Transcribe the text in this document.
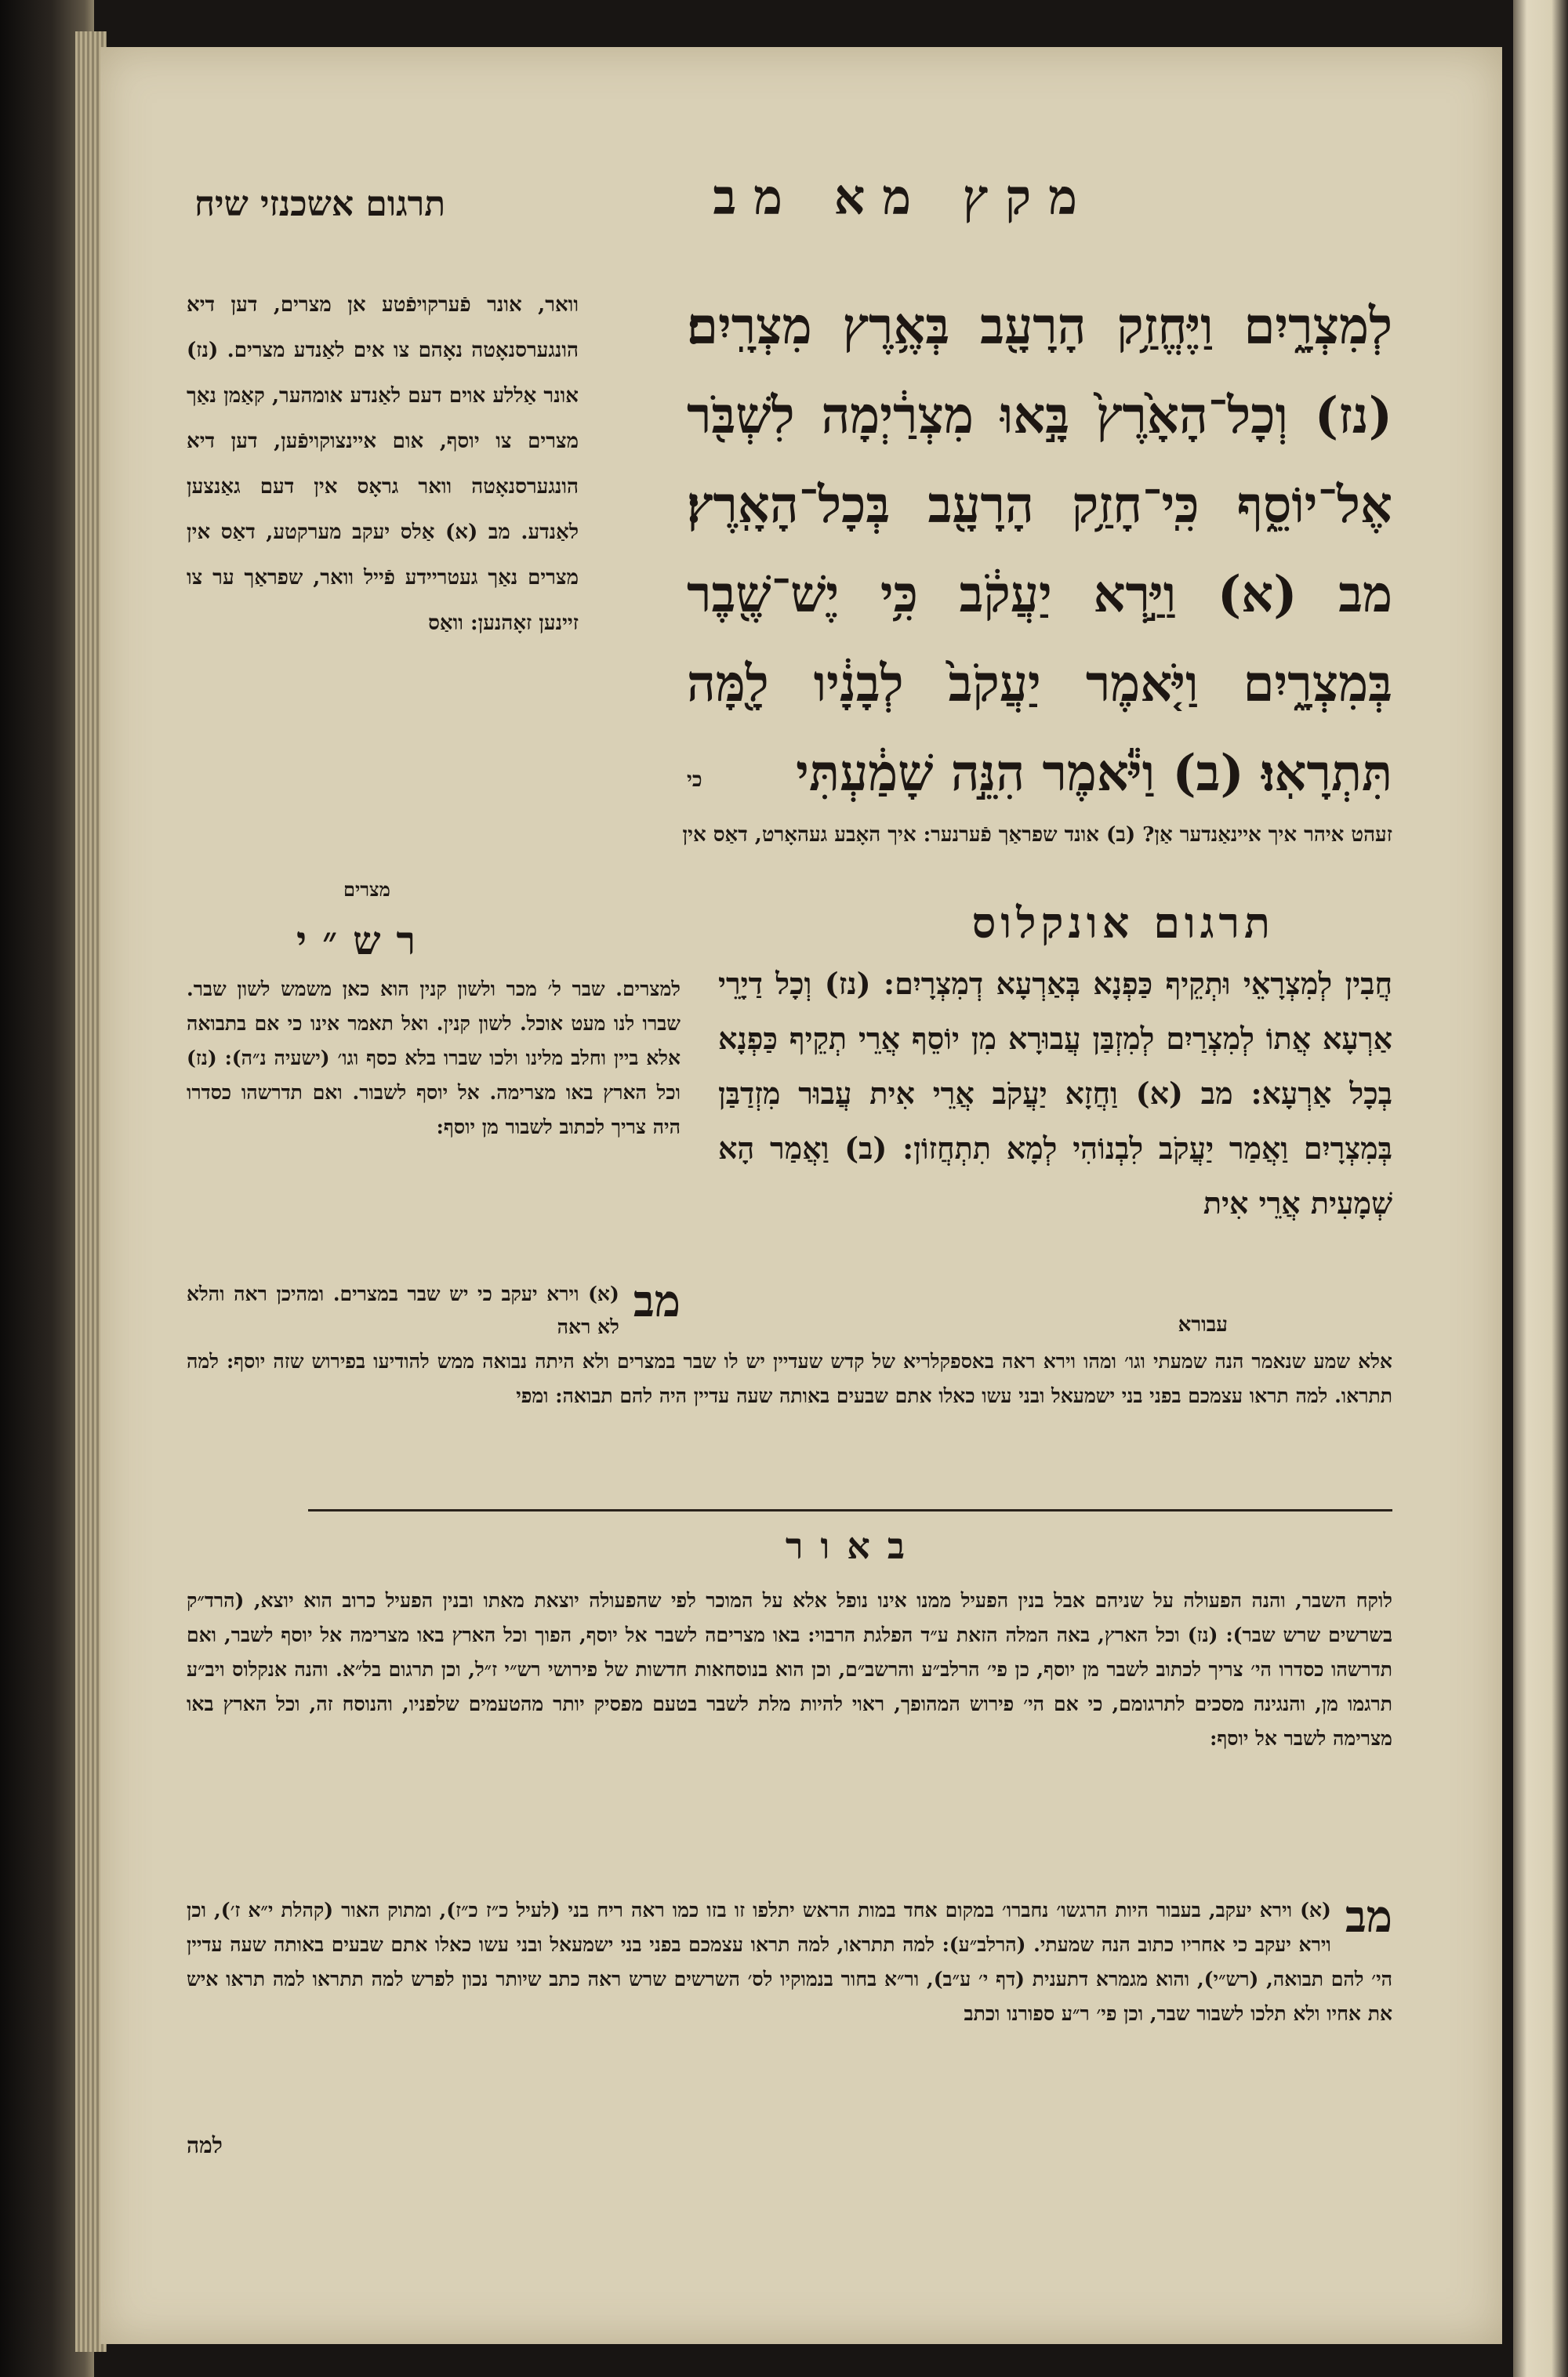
מקץ מא מב
תרגום אשכנזי שיח
לְמִצְרָ֑יִם וַיֶּחֱזַ֥ק הָרָעָ֖ב בְּאֶ֥רֶץ מִצְרָֽיִם׃ (נז) וְכָל־הָאָ֙רֶץ֙ בָּ֣אוּ מִצְרַ֔יְמָה לִשְׁבֹּ֖ר אֶל־יוֹסֵ֑ף כִּֽי־חָזַ֥ק הָרָעָ֖ב בְּכָל־הָאָֽרֶץ׃ מב (א) וַיַּ֣רְא יַעֲקֹ֔ב כִּ֥י יֶשׁ־שֶׁ֖בֶר בְּמִצְרָ֑יִם וַיֹּ֤אמֶר יַעֲקֹב֙ לְבָנָ֔יו לָ֖מָּה תִּתְרָאֽוּ׃ (ב) וַיֹּ֕אמֶר הִנֵּ֣ה שָׁמַ֔עְתִּי
כי
וואר, אונר פֿערקויפֿטע אן מצרים, דען דיא הונגערסנאָטה נאָהם צו אים לאַנדע מצרים. (נז) אונר אַללע אוים דעם לאַנדע אומהער, קאַמן נאַך מצרים צו יוסף, אום איינצוקויפֿען, דען דיא הונגערסנאָטה וואר גראָס אין דעם גאַנצען לאַנדע. מב (א) אַלס יעקב מערקטע, דאַס אין מצרים נאַך געטריידע פֿייל וואר, שפראַך ער צו זיינען זאָהנען: וואַס
זעהט איהר איך איינאַנדער אַן? (ב) אונד שפראַך פֿערנער: איך האָבע געהאָרט, דאַס אין
מצרים
תרגום אונקלוס
חֲבִין לְמִצְרָאֵי וּתְקֵיף כַּפְנָא בְּאַרְעָא דְמִצְרָיִם: (נז) וְכָל דַיָרֵי אַרְעָא אֲתוֹ לְמִצְרַיִם לְמִזְבַּן עֲבוּרָא מִן יוֹסֵף אֲרֵי תְקֵיף כַּפְנָא בְכָל אַרְעָא: מב (א) וַחֲזָא יַעֲקֹב אֲרֵי אִית עֲבוּר מִזְדַבַּן בְּמִצְרָיִם וַאֲמַר יַעֲקֹב לִבְנוֹהִי לְמָא תִתְחֲזוֹן: (ב) וַאֲמַר הָא שְׁמָעִית אֲרֵי אִית
עבורא
רש״י
למצרים. שבר ל׳ מכר ולשון קנין הוא כאן משמש לשון שבר. שברו לנו מעט אוכל. לשון קנין. ואל תאמר אינו כי אם בתבואה אלא ביין וחלב מלינו ולכו שברו בלא כסף וגו׳ (ישעיה נ״ה): (נז) וכל הארץ באו מצרימה. אל יוסף לשבור. ואם תדרשהו כסדרו היה צריך לכתוב לשבור מן יוסף:
מב
(א) וירא יעקב כי יש שבר במצרים. ומהיכן ראה והלא לא ראה
אלא שמע שנאמר הנה שמעתי וגו׳ ומהו וירא ראה באספקלריא של קדש שעדיין יש לו שבר במצרים ולא היתה נבואה ממש להודיעו בפירוש שזה יוסף: למה תתראו. למה תראו עצמכם בפני בני ישמעאל ובני עשו כאלו אתם שבעים באותה שעה עדיין היה להם תבואה: ומפי
באור
לוקח השבר, והנה הפעולה על שניהם אבל בנין הפעיל ממנו אינו נופל אלא על המוכר לפי שהפעולה יוצאת מאתו ובנין הפעיל כרוב הוא יוצא, (הרד״ק בשרשים שרש שבר): (נז) וכל הארץ, באה המלה הזאת ע״ד הפלגת הרבוי: באו מצריםה לשבר אל יוסף, הפוך וכל הארץ באו מצרימה אל יוסף לשבר, ואם תדרשהו כסדרו הי׳ צריך לכתוב לשבר מן יוסף, כן פי׳ הרלב״ע והרשב״ם, וכן הוא בנוסחאות חדשות של פירושי רש״י ז״ל, וכן תרגום בל״א. והנה אנקלוס ויב״ע תרגמו מן, והנגינה מסכים לתרגומם, כי אם הי׳ פירוש המהופך, ראוי להיות מלת לשבר בטעם מפסיק יותר מהטעמים שלפניו, והנוסח זה, וכל הארץ באו מצרימה לשבר אל יוסף:
מב
(א) וירא יעקב, בעבור היות הרגשו׳ נחברו׳ במקום אחד במות הראש יתלפו זו בזו כמו ראה ריח בני (לעיל כ״ז כ״ז), ומתוק האור (קהלת י״א ז׳), וכן וירא יעקב כי אחריו כתוב הנה שמעתי. (הרלב״ע): למה תתראו, למה תראו עצמכם בפני בני ישמעאל ובני עשו כאלו אתם שבעים באותה שעה עדיין הי׳ להם תבואה, (רש״י), והוא מגמרא דתענית (דף י׳ ע״ב), ור״א בחור בנמוקיו לס׳ השרשים שרש ראה כתב שיותר נכון לפרש למה תתראו למה תראו איש את אחיו ולא תלכו לשבור שבר, וכן פי׳ ר״ע ספורנו וכתב
למה
